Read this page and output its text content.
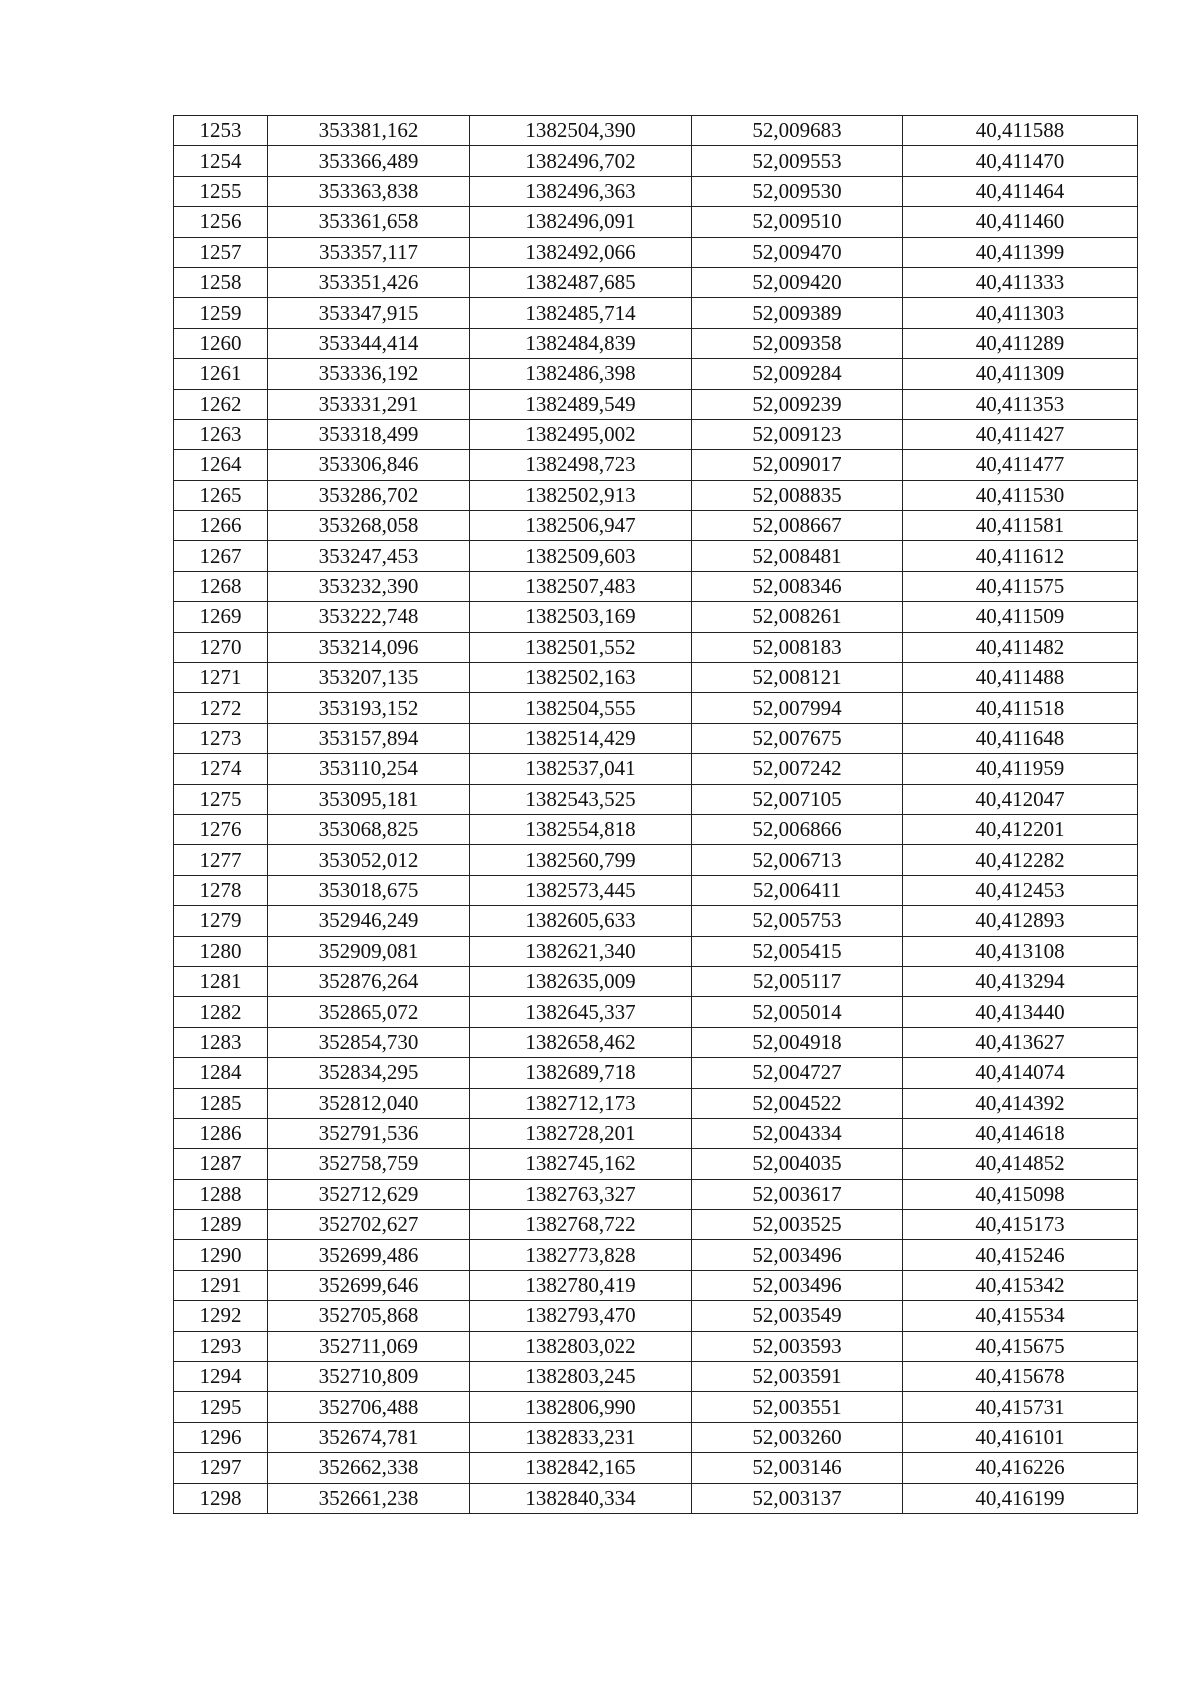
1253	353381,162	1382504,390	52,009683	40,411588
1254	353366,489	1382496,702	52,009553	40,411470
1255	353363,838	1382496,363	52,009530	40,411464
1256	353361,658	1382496,091	52,009510	40,411460
1257	353357,117	1382492,066	52,009470	40,411399
1258	353351,426	1382487,685	52,009420	40,411333
1259	353347,915	1382485,714	52,009389	40,411303
1260	353344,414	1382484,839	52,009358	40,411289
1261	353336,192	1382486,398	52,009284	40,411309
1262	353331,291	1382489,549	52,009239	40,411353
1263	353318,499	1382495,002	52,009123	40,411427
1264	353306,846	1382498,723	52,009017	40,411477
1265	353286,702	1382502,913	52,008835	40,411530
1266	353268,058	1382506,947	52,008667	40,411581
1267	353247,453	1382509,603	52,008481	40,411612
1268	353232,390	1382507,483	52,008346	40,411575
1269	353222,748	1382503,169	52,008261	40,411509
1270	353214,096	1382501,552	52,008183	40,411482
1271	353207,135	1382502,163	52,008121	40,411488
1272	353193,152	1382504,555	52,007994	40,411518
1273	353157,894	1382514,429	52,007675	40,411648
1274	353110,254	1382537,041	52,007242	40,411959
1275	353095,181	1382543,525	52,007105	40,412047
1276	353068,825	1382554,818	52,006866	40,412201
1277	353052,012	1382560,799	52,006713	40,412282
1278	353018,675	1382573,445	52,006411	40,412453
1279	352946,249	1382605,633	52,005753	40,412893
1280	352909,081	1382621,340	52,005415	40,413108
1281	352876,264	1382635,009	52,005117	40,413294
1282	352865,072	1382645,337	52,005014	40,413440
1283	352854,730	1382658,462	52,004918	40,413627
1284	352834,295	1382689,718	52,004727	40,414074
1285	352812,040	1382712,173	52,004522	40,414392
1286	352791,536	1382728,201	52,004334	40,414618
1287	352758,759	1382745,162	52,004035	40,414852
1288	352712,629	1382763,327	52,003617	40,415098
1289	352702,627	1382768,722	52,003525	40,415173
1290	352699,486	1382773,828	52,003496	40,415246
1291	352699,646	1382780,419	52,003496	40,415342
1292	352705,868	1382793,470	52,003549	40,415534
1293	352711,069	1382803,022	52,003593	40,415675
1294	352710,809	1382803,245	52,003591	40,415678
1295	352706,488	1382806,990	52,003551	40,415731
1296	352674,781	1382833,231	52,003260	40,416101
1297	352662,338	1382842,165	52,003146	40,416226
1298	352661,238	1382840,334	52,003137	40,416199
